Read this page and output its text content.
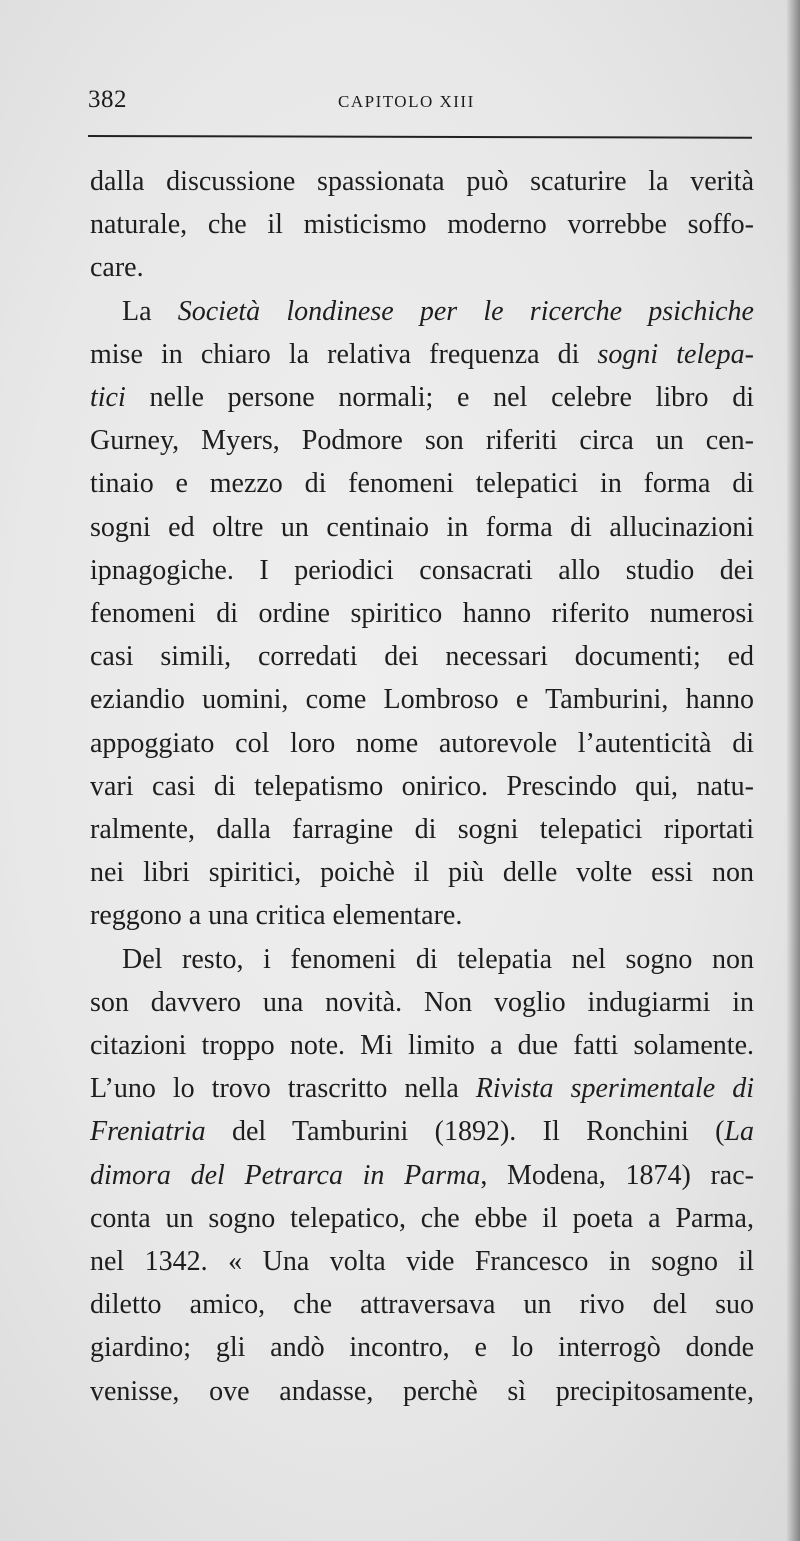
382	CAPITOLO XIII
dalla discussione spassionata può scaturire la verità
naturale, che il misticismo moderno vorrebbe soffo-
care.
La Società londinese per le ricerche psichiche
mise in chiaro la relativa frequenza di sogni telepa-
tici nelle persone normali; e nel celebre libro di
Gurney, Myers, Podmore son riferiti circa un cen-
tinaio e mezzo di fenomeni telepatici in forma di
sogni ed oltre un centinaio in forma di allucinazioni
ipnagogiche. I periodici consacrati allo studio dei
fenomeni di ordine spiritico hanno riferito numerosi
casi simili, corredati dei necessari documenti; ed
eziandio uomini, come Lombroso e Tamburini, hanno
appoggiato col loro nome autorevole l’autenticità di
vari casi di telepatismo onirico. Prescindo qui, natu-
ralmente, dalla farragine di sogni telepatici riportati
nei libri spiritici, poichè il più delle volte essi non
reggono a una critica elementare.
Del resto, i fenomeni di telepatia nel sogno non
son davvero una novità. Non voglio indugiarmi in
citazioni troppo note. Mi limito a due fatti solamente.
L’uno lo trovo trascritto nella Rivista sperimentale di
Freniatria del Tamburini (1892). Il Ronchini (La
dimora del Petrarca in Parma, Modena, 1874) rac-
conta un sogno telepatico, che ebbe il poeta a Parma,
nel 1342. « Una volta vide Francesco in sogno il
diletto amico, che attraversava un rivo del suo
giardino; gli andò incontro, e lo interrogò donde
venisse, ove andasse, perchè sì precipitosamente,
